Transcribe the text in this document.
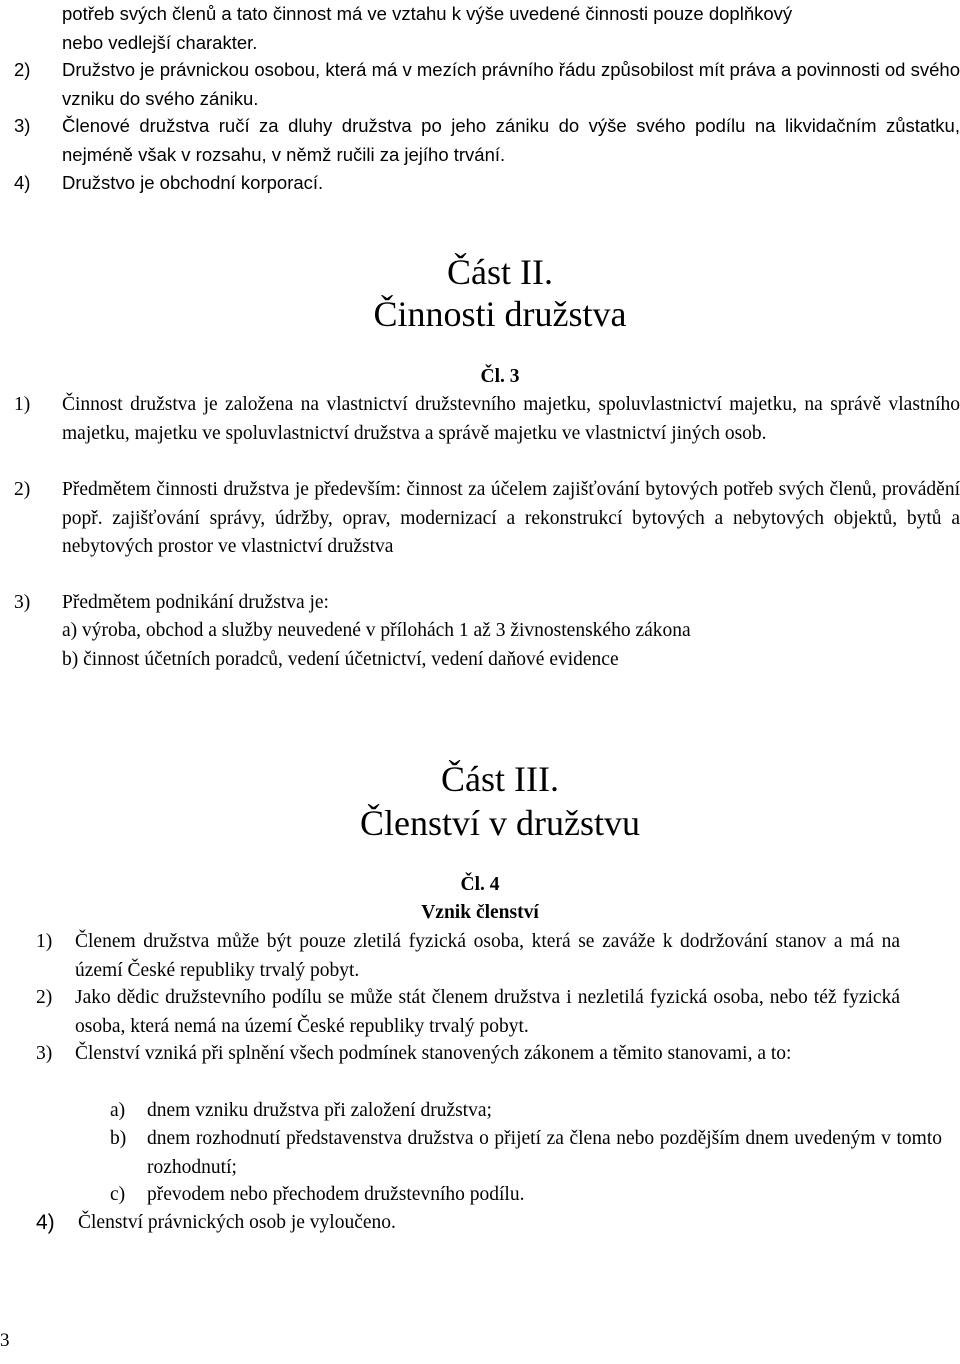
potřeb svých členů a tato činnost má ve vztahu k výše uvedené činnosti pouze doplňkový
nebo vedlejší charakter.
2) Družstvo je právnickou osobou, která má v mezích právního řádu způsobilost mít práva a povinnosti od svého vzniku do svého zániku.
3) Členové družstva ručí za dluhy družstva po jeho zániku do výše svého podílu na likvidačním zůstatku, nejméně však v rozsahu, v němž ručili za jejího trvání.
4) Družstvo je obchodní korporací.
Část II.
Činnosti družstva
Čl. 3
1) Činnost družstva je založena na vlastnictví družstevního majetku, spoluvlastnictví majetku, na správě vlastního majetku, majetku ve spoluvlastnictví družstva a správě majetku ve vlastnictví jiných osob.
2) Předmětem činnosti družstva je především: činnost za účelem zajišťování bytových potřeb svých členů, provádění popř. zajišťování správy, údržby, oprav, modernizací a rekonstrukcí bytových a nebytových objektů, bytů a nebytových prostor ve vlastnictví družstva
3) Předmětem podnikání družstva je:
a) výroba, obchod a služby neuvedené v přílohách 1 až 3 živnostenského zákona
b) činnost účetních poradců, vedení účetnictví, vedení daňové evidence
Část III.
Členství v družstvu
Čl. 4
Vznik členství
1) Členem družstva může být pouze zletilá fyzická osoba, která se zaváže k dodržování stanov a má na území České republiky trvalý pobyt.
2) Jako dědic družstevního podílu se může stát členem družstva i nezletilá fyzická osoba, nebo též fyzická osoba, která nemá na území České republiky trvalý pobyt.
3) Členství vzniká při splnění všech podmínek stanovených zákonem a těmito stanovami, a to:
a) dnem vzniku družstva při založení družstva;
b) dnem rozhodnutí představenstva družstva o přijetí za člena nebo pozdějším dnem uvedeným v tomto rozhodnutí;
c) převodem nebo přechodem družstevního podílu.
4) Členství právnických osob je vyloučeno.
3
